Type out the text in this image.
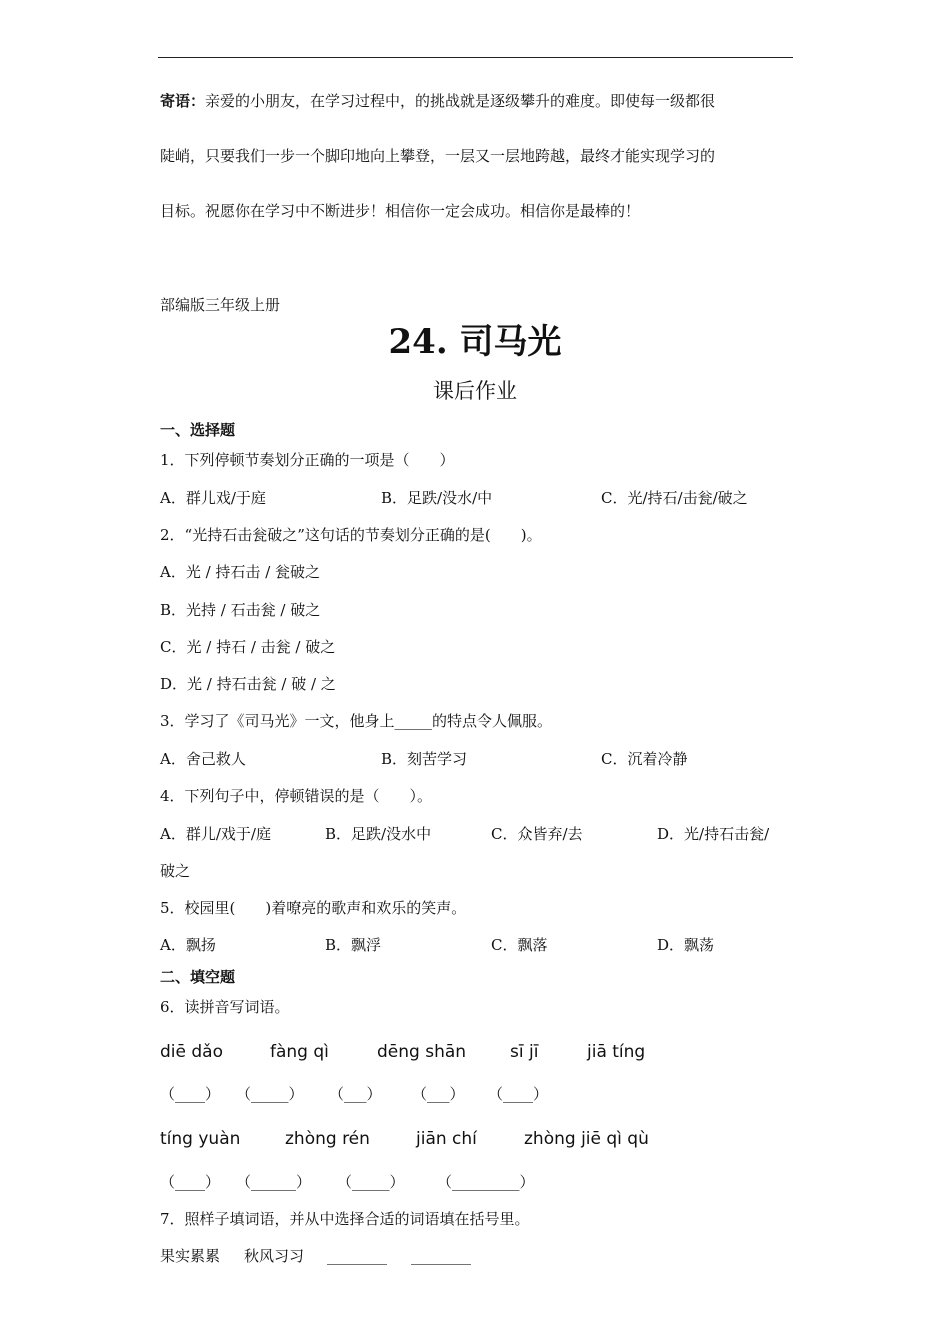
寄语：亲爱的小朋友，在学习过程中，的挑战就是逐级攀升的难度。即使每一级都很
陡峭，只要我们一步一个脚印地向上攀登，一层又一层地跨越，最终才能实现学习的
目标。祝愿你在学习中不断进步！相信你一定会成功。相信你是最棒的！
部编版三年级上册
24. 司马光
课后作业
一、选择题
1．下列停顿节奏划分正确的一项是（　　）
A．群儿戏/于庭	B．足跌/没水/中	C．光/持石/击瓮/破之
2．“光持石击瓮破之”这句话的节奏划分正确的是(　　)。
A．光 / 持石击 / 瓮破之
B．光持 / 石击瓮 / 破之
C．光 / 持石 / 击瓮 / 破之
D．光 / 持石击瓮 / 破 / 之
3．学习了《司马光》一文，他身上_____的特点令人佩服。
A．舍己救人	B．刻苦学习	C．沉着冷静
4．下列句子中，停顿错误的是（　　）。
A．群儿/戏于/庭	B．足跌/没水中	C．众皆弃/去	D．光/持石击瓮/
破之
5．校园里(　　)着嘹亮的歌声和欢乐的笑声。
A．飘扬	B．飘浮	C．飘落	D．飘荡
二、填空题
6．读拼音写词语。
diē dǎo	fàng qì	dēng shān	sī jī	jiā tíng
（____） （_____） （___） （___） （____）
tíng yuàn	zhòng rén	jiān chí	zhòng jiē qì qù
（____） （______） （_____） （_________）
7．照样子填词语，并从中选择合适的词语填在括号里。
果实累累 秋风习习 ________ ________
